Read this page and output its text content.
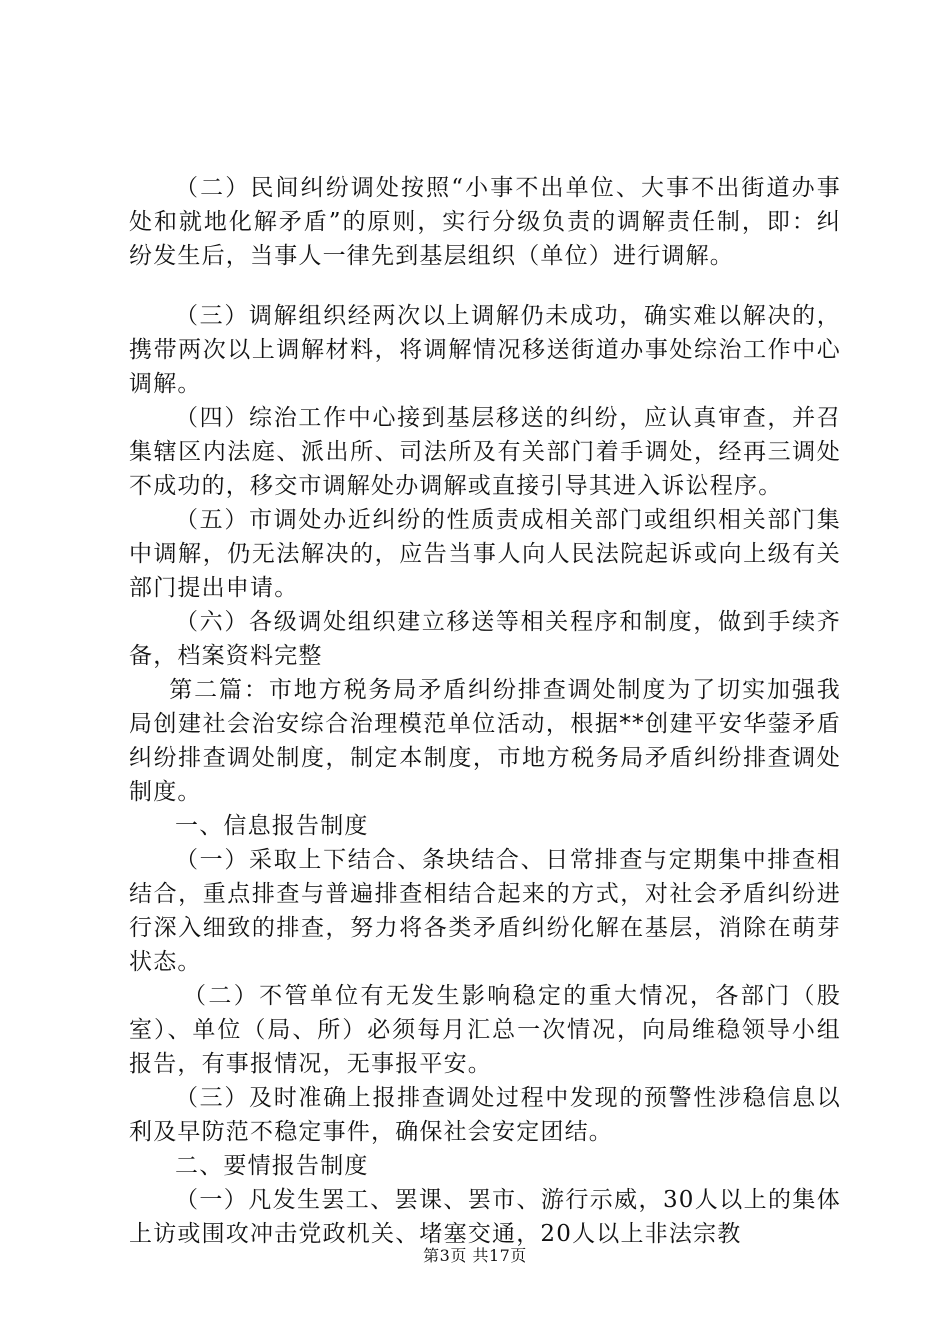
（二）民间纠纷调处按照“小事不出单位、大事不出街道办事处和就地化解矛盾”的原则，实行分级负责的调解责任制，即：纠纷发生后，当事人一律先到基层组织（单位）进行调解。

（三）调解组织经两次以上调解仍未成功，确实难以解决的，携带两次以上调解材料，将调解情况移送街道办事处综治工作中心调解。

（四）综治工作中心接到基层移送的纠纷，应认真审查，并召集辖区内法庭、派出所、司法所及有关部门着手调处，经再三调处不成功的，移交市调解处办调解或直接引导其进入诉讼程序。

（五）市调处办近纠纷的性质责成相关部门或组织相关部门集中调解，仍无法解决的，应告当事人向人民法院起诉或向上级有关部门提出申请。

（六）各级调处组织建立移送等相关程序和制度，做到手续齐备，档案资料完整

第二篇：市地方税务局矛盾纠纷排查调处制度为了切实加强我局创建社会治安综合治理模范单位活动，根据**创建平安华蓥矛盾纠纷排查调处制度，制定本制度，市地方税务局矛盾纠纷排查调处制度。

一、信息报告制度

（一）采取上下结合、条块结合、日常排查与定期集中排查相结合，重点排查与普遍排查相结合起来的方式，对社会矛盾纠纷进行深入细致的排查，努力将各类矛盾纠纷化解在基层，消除在萌芽状态。

（二）不管单位有无发生影响稳定的重大情况，各部门（股室）、单位（局、所）必须每月汇总一次情况，向局维稳领导小组报告，有事报情况，无事报平安。

（三）及时准确上报排查调处过程中发现的预警性涉稳信息以利及早防范不稳定事件，确保社会安定团结。

二、要情报告制度

（一）凡发生罢工、罢课、罢市、游行示威，30人以上的集体上访或围攻冲击党政机关、堵塞交通，20人以上非法宗教

第3页 共17页
